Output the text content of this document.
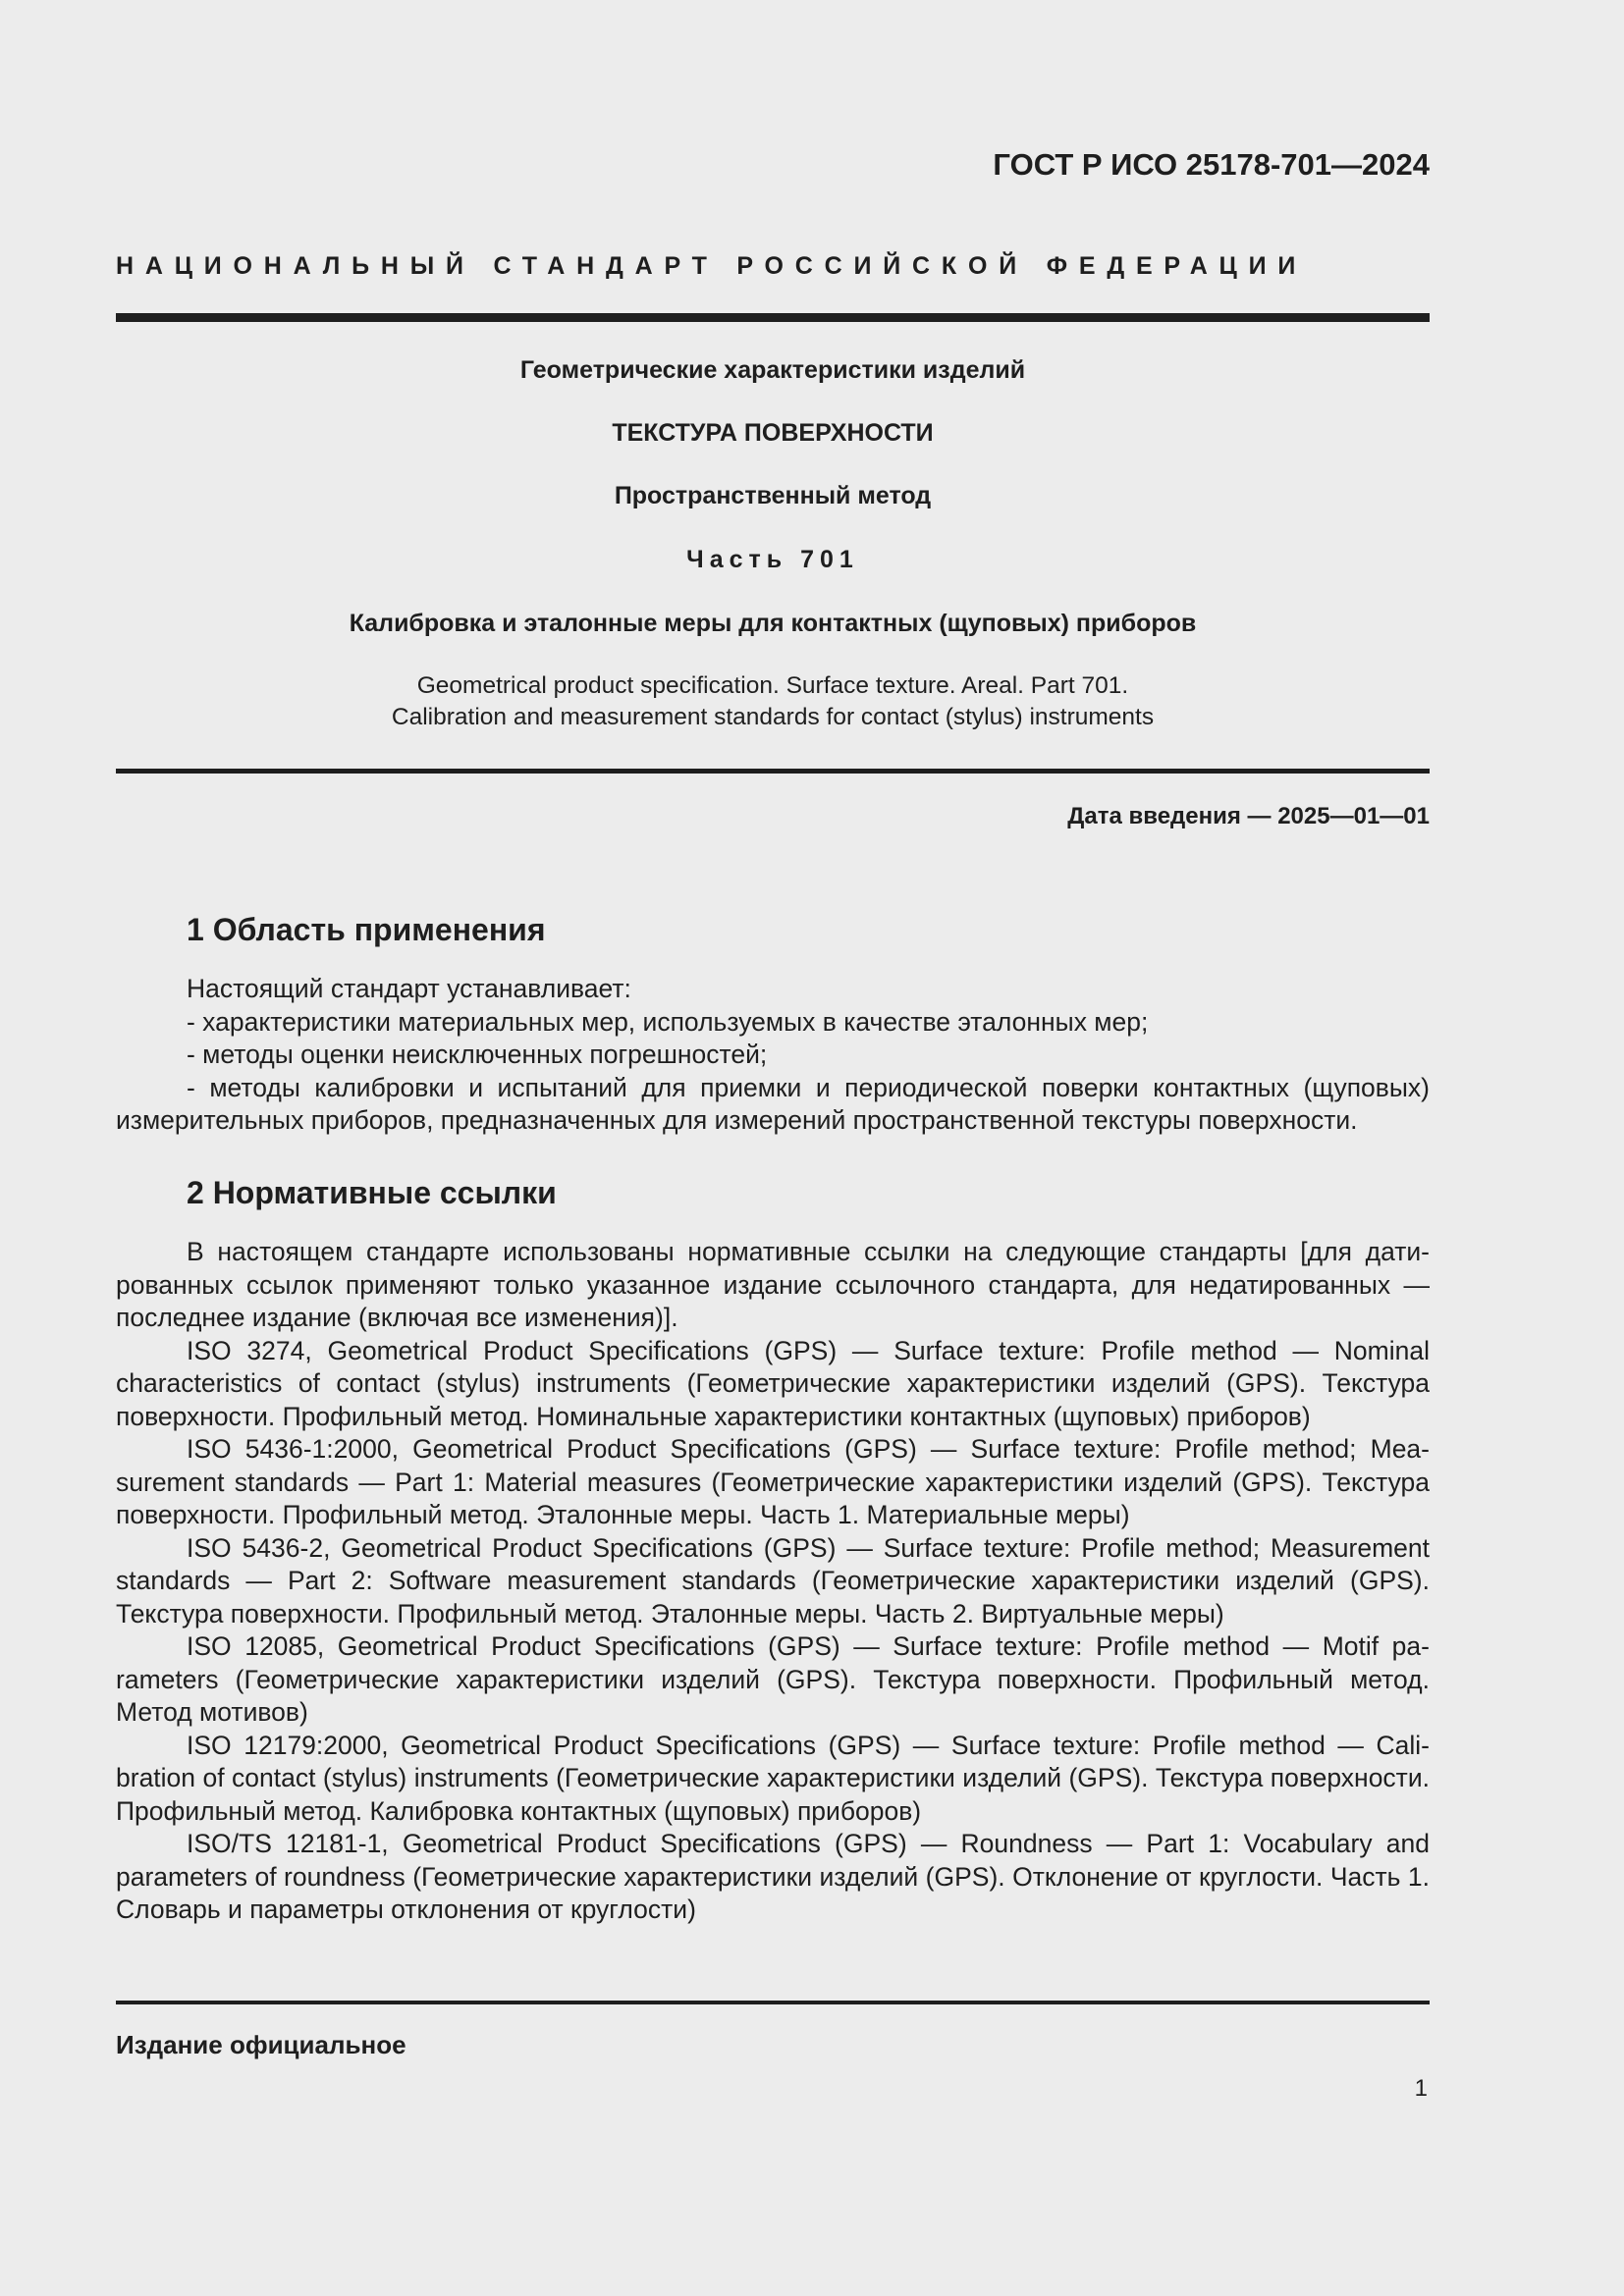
ГОСТ Р ИСО 25178-701—2024
НАЦИОНАЛЬНЫЙ СТАНДАРТ РОССИЙСКОЙ ФЕДЕРАЦИИ
Геометрические характеристики изделий
ТЕКСТУРА ПОВЕРХНОСТИ
Пространственный метод
Часть 701
Калибровка и эталонные меры для контактных (щуповых) приборов
Geometrical product specification. Surface texture. Areal. Part 701.
Calibration and measurement standards for contact (stylus) instruments
Дата введения — 2025—01—01
1 Область применения

Настоящий стандарт устанавливает:

- характеристики материальных мер, используемых в качестве эталонных мер;

- методы оценки неисключенных погрешностей;

- методы калибровки и испытаний для приемки и периодической поверки контактных (щуповых) измерительных приборов, предназначенных для измерений пространственной текстуры поверхности.

2 Нормативные ссылки

В настоящем стандарте использованы нормативные ссылки на следующие стандарты [для датированных ссылок применяют только указанное издание ссылочного стандарта, для недатированных — последнее издание (включая все изменения)].

ISO 3274, Geometrical Product Specifications (GPS) — Surface texture: Profile method — Nominal characteristics of contact (stylus) instruments (Геометрические характеристики изделий (GPS). Текстура поверхности. Профильный метод. Номинальные характеристики контактных (щуповых) приборов)

ISO 5436-1:2000, Geometrical Product Specifications (GPS) — Surface texture: Profile method; Measurement standards — Part 1: Material measures (Геометрические характеристики изделий (GPS). Текстура поверхности. Профильный метод. Эталонные меры. Часть 1. Материальные меры)

ISO 5436-2, Geometrical Product Specifications (GPS) — Surface texture: Profile method; Measurement standards — Part 2: Software measurement standards (Геометрические характеристики изделий (GPS). Текстура поверхности. Профильный метод. Эталонные меры. Часть 2. Виртуальные меры)

ISO 12085, Geometrical Product Specifications (GPS) — Surface texture: Profile method — Motif parameters (Геометрические характеристики изделий (GPS). Текстура поверхности. Профильный метод. Метод мотивов)

ISO 12179:2000, Geometrical Product Specifications (GPS) — Surface texture: Profile method — Calibration of contact (stylus) instruments (Геометрические характеристики изделий (GPS). Текстура поверхности. Профильный метод. Калибровка контактных (щуповых) приборов)

ISO/TS 12181-1, Geometrical Product Specifications (GPS) — Roundness — Part 1: Vocabulary and parameters of roundness (Геометрические характеристики изделий (GPS). Отклонение от круглости. Часть 1. Словарь и параметры отклонения от круглости)

Издание официальное
1
